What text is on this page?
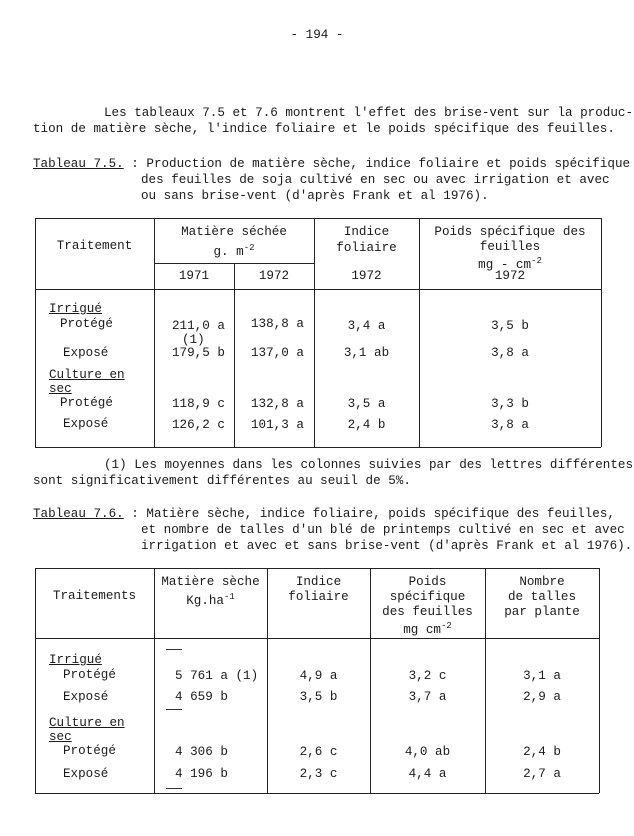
- 194 -
Les tableaux 7.5 et 7.6 montrent l'effet des brise-vent sur la produc-
tion de matière sèche, l'indice foliaire et le poids spécifique des feuilles.
Tableau 7.5. : Production de matière sèche, indice foliaire et poids spécifique
des feuilles de soja cultivé en sec ou avec irrigation et avec
ou sans brise-vent (d'après Frank et al 1976).
Traitement
Matière séchée
g. $m^{-2}$
Indice
foliaire
Poids spécifique des
feuilles
mg - $cm^{-2}$
1971	1972	1972	1972
Irrigué
Culture en
sec
Protégé	211,0 a 138,8 a	3,4 a	3,5 b
(1)
Exposé	179,5 b 137,0 a	3,1 ab	3,8 a
Protégé	118,9 c 132,8 a	3,5 a	3,3 b
Exposé	126,2 c 101,3 a	2,4 b	3,8 a
(1) Les moyennes dans les colonnes suivies par des lettres différentes
sont significativement différentes au seuil de 5%.
Tableau 7.6. : Matière sèche, indice foliaire, poids spécifique des feuilles,
et nombre de talles d'un blé de printemps cultivé en sec et avec
irrigation et avec et sans brise-vent (d'après Frank et al 1976).
Traitements
Matière sèche
$Kg.ha^{-1}$
Indice
foliaire
Poids
spécifique
des feuilles
mg $cm^{-2}$
Nombre
de talles
par plante
Irrigué
Culture en
sec
Protégé	5 761 a (1)	4,9 a	3,2 c	3,1 a
Exposé	4 659 b	3,5 b	3,7 a	2,9 a
Protégé	4 306 b	2,6 c	4,0 ab	2,4 b
Exposé	4 196 b	2,3 c	4,4 a	2,7 a
